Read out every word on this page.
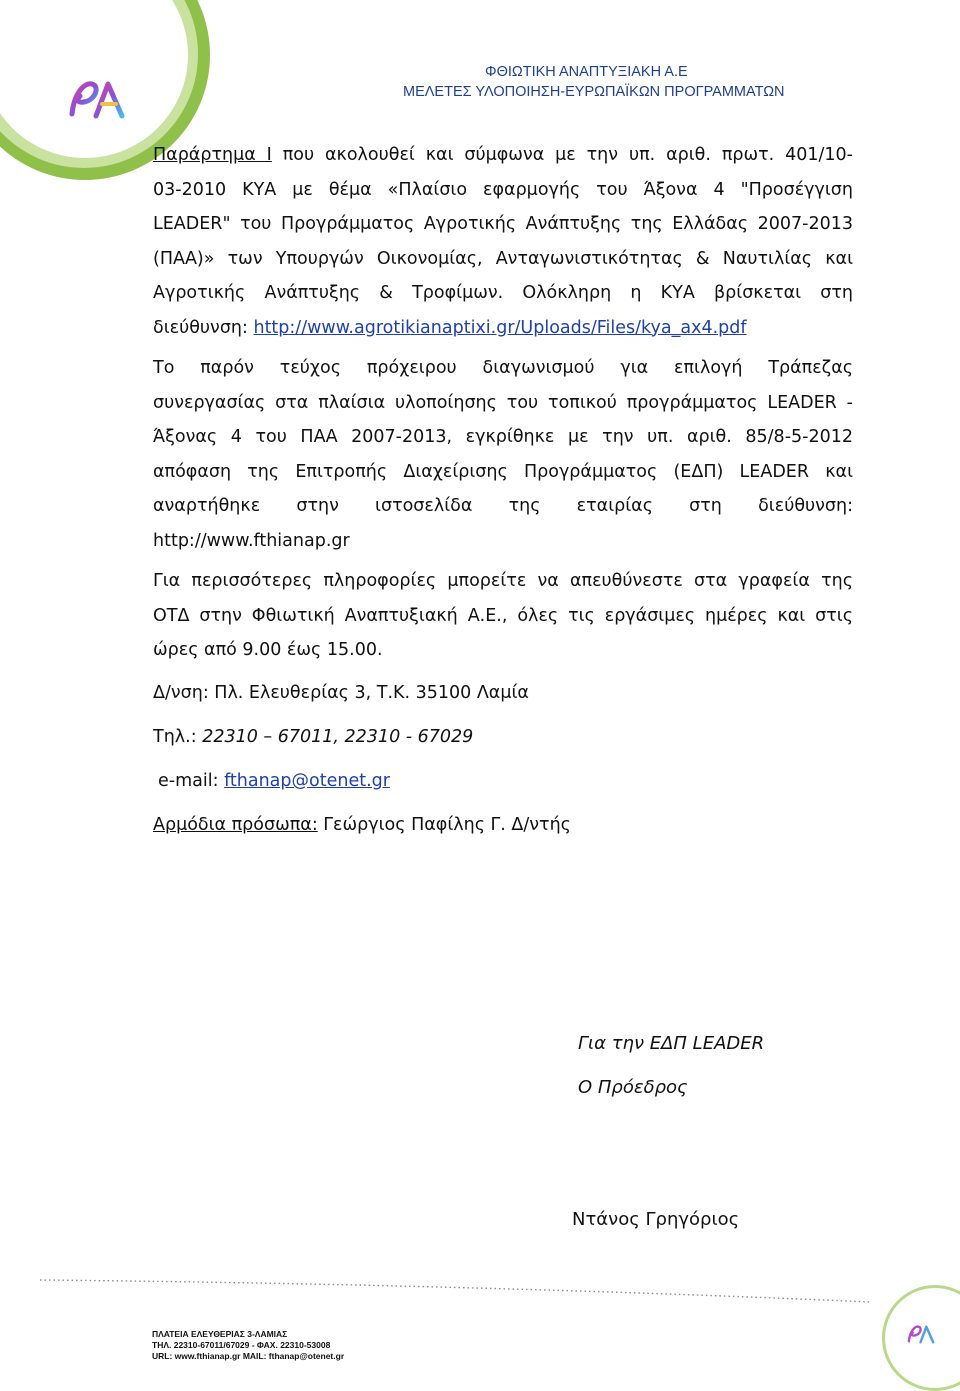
ΦΘΙΩΤΙΚΗ ΑΝΑΠΤΥΞΙΑΚΗ Α.Ε
ΜΕΛΕΤΕΣ ΥΛΟΠΟΙΗΣΗ-ΕΥΡΩΠΑΪΚΩΝ ΠΡΟΓΡΑΜΜΑΤΩΝ
Παράρτημα Ι που ακολουθεί και σύμφωνα με την υπ. αριθ. πρωτ. 401/10-
03-2010 ΚΥΑ με θέμα «Πλαίσιο εφαρμογής του Άξονα 4 "Προσέγγιση
LEADER" του Προγράμματος Αγροτικής Ανάπτυξης της Ελλάδας 2007-2013
(ΠΑΑ)» των Υπουργών Οικονομίας, Ανταγωνιστικότητας & Ναυτιλίας και
Αγροτικής Ανάπτυξης & Τροφίμων. Ολόκληρη η ΚΥΑ βρίσκεται στη
διεύθυνση: http://www.agrotikianaptixi.gr/Uploads/Files/kya_ax4.pdf
Το παρόν τεύχος πρόχειρου διαγωνισμού για επιλογή Τράπεζας
συνεργασίας στα πλαίσια υλοποίησης του τοπικού προγράμματος LEADER -
Άξονας 4 του ΠΑΑ 2007-2013, εγκρίθηκε με την υπ. αριθ. 85/8-5-2012
απόφαση της Επιτροπής Διαχείρισης Προγράμματος (ΕΔΠ) LEADER και
αναρτήθηκε στην ιστοσελίδα της εταιρίας στη διεύθυνση:
http://www.fthianap.gr
Για περισσότερες πληροφορίες μπορείτε να απευθύνεστε στα γραφεία της
ΟΤΔ στην Φθιωτική Αναπτυξιακή Α.Ε., όλες τις εργάσιμες ημέρες και στις
ώρες από 9.00 έως 15.00.
Δ/νση: Πλ. Ελευθερίας 3, Τ.Κ. 35100 Λαμία
Τηλ.: 22310 – 67011, 22310 - 67029
e-mail: fthanap@otenet.gr
Αρμόδια πρόσωπα: Γεώργιος Παφίλης Γ. Δ/ντής
Για την ΕΔΠ LEADER
Ο Πρόεδρος
Ντάνος Γρηγόριος
ΠΛΑΤΕΙΑ ΕΛΕΥΘΕΡΙΑΣ 3-ΛΑΜΙΑΣ
ΤΗΛ. 22310-67011/67029 - ΦΑΧ. 22310-53008
URL: www.fthianap.gr MAIL: fthanap@otenet.gr
